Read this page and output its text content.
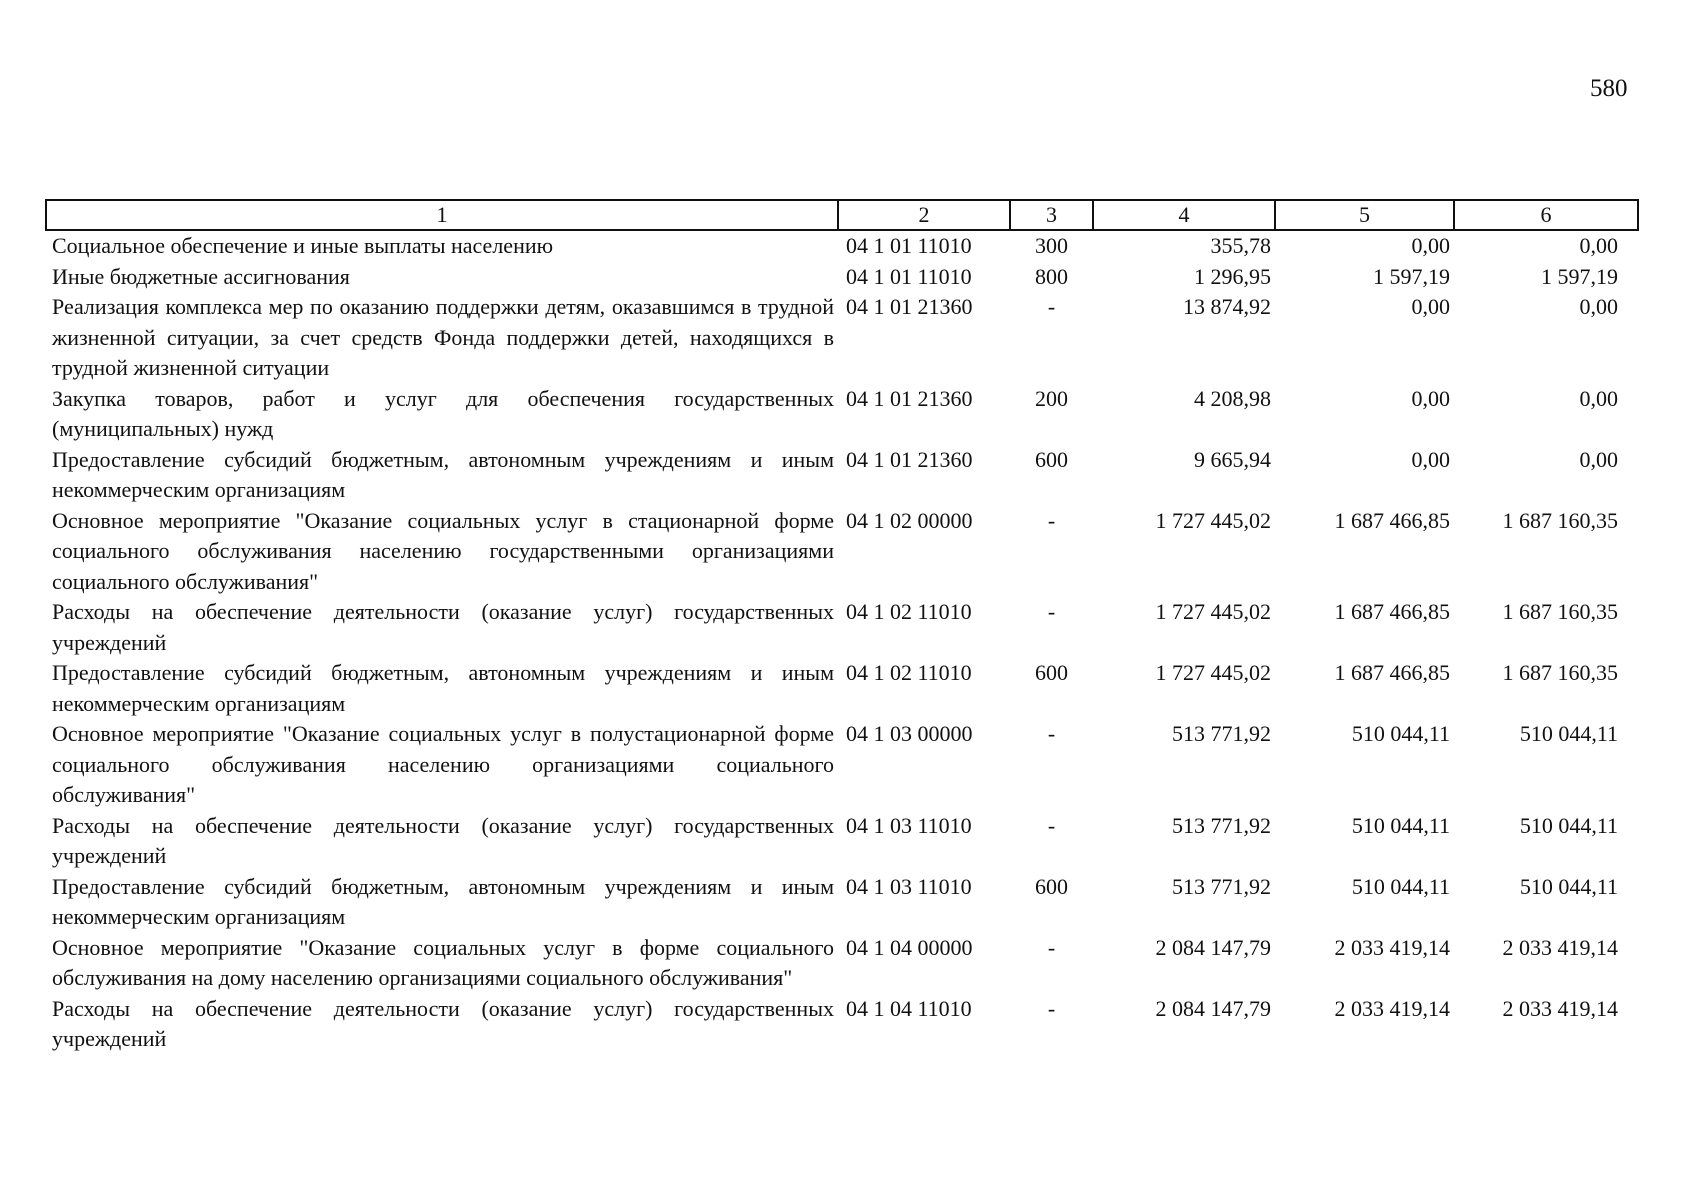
580
1	2	3	4	5	6
Социальное обеспечение и иные выплаты населению	04 1 01 11010	300	355,78	0,00	0,00
Иные бюджетные ассигнования	04 1 01 11010	800	1 296,95	1 597,19	1 597,19
Реализация комплекса мер по оказанию поддержки детям, оказавшимся в трудной жизненной ситуации, за счет средств Фонда поддержки детей, находящихся в трудной жизненной ситуации	04 1 01 21360	-	13 874,92	0,00	0,00
Закупка товаров, работ и услуг для обеспечения государственных (муниципальных) нужд	04 1 01 21360	200	4 208,98	0,00	0,00
Предоставление субсидий бюджетным, автономным учреждениям и иным некоммерческим организациям	04 1 01 21360	600	9 665,94	0,00	0,00
Основное мероприятие "Оказание социальных услуг в стационарной форме социального обслуживания населению государственными организациями социального обслуживания"	04 1 02 00000	-	1 727 445,02	1 687 466,85	1 687 160,35
Расходы на обеспечение деятельности (оказание услуг) государственных учреждений	04 1 02 11010	-	1 727 445,02	1 687 466,85	1 687 160,35
Предоставление субсидий бюджетным, автономным учреждениям и иным некоммерческим организациям	04 1 02 11010	600	1 727 445,02	1 687 466,85	1 687 160,35
Основное мероприятие "Оказание социальных услуг в полустационарной форме социального обслуживания населению организациями социального обслуживания"	04 1 03 00000	-	513 771,92	510 044,11	510 044,11
Расходы на обеспечение деятельности (оказание услуг) государственных учреждений	04 1 03 11010	-	513 771,92	510 044,11	510 044,11
Предоставление субсидий бюджетным, автономным учреждениям и иным некоммерческим организациям	04 1 03 11010	600	513 771,92	510 044,11	510 044,11
Основное мероприятие "Оказание социальных услуг в форме социального обслуживания на дому населению организациями социального обслуживания"	04 1 04 00000	-	2 084 147,79	2 033 419,14	2 033 419,14
Расходы на обеспечение деятельности (оказание услуг) государственных учреждений	04 1 04 11010	-	2 084 147,79	2 033 419,14	2 033 419,14
